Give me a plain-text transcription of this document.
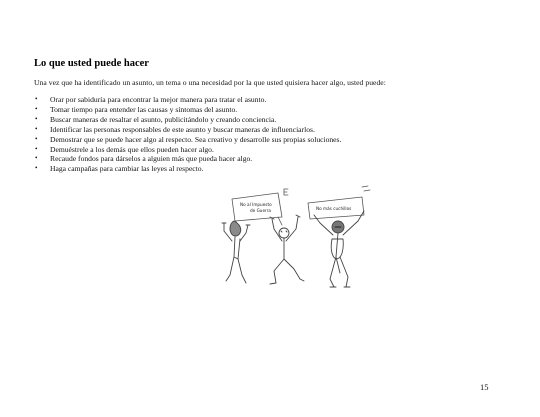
Lo que usted puede hacer
Una vez que ha identificado un asunto, un tema o una necesidad por la que usted quisiera hacer algo, usted puede:
• Orar por sabiduría para encontrar la mejor manera para tratar el asunto.
• Tomar tiempo para entender las causas y síntomas del asunto.
• Buscar maneras de resaltar el asunto, publicitándolo y creando conciencia.
• Identificar las personas responsables de este asunto y buscar maneras de influenciarlos.
• Demostrar que se puede hacer algo al respecto. Sea creativo y desarrolle sus propias soluciones.
• Demuéstrele a los demás que ellos pueden hacer algo.
• Recaude fondos para dárselos a alguien más que pueda hacer algo.
• Haga campañas para cambiar las leyes al respecto.
No al Impuesto
de Guerra	No más cuchillos
15
